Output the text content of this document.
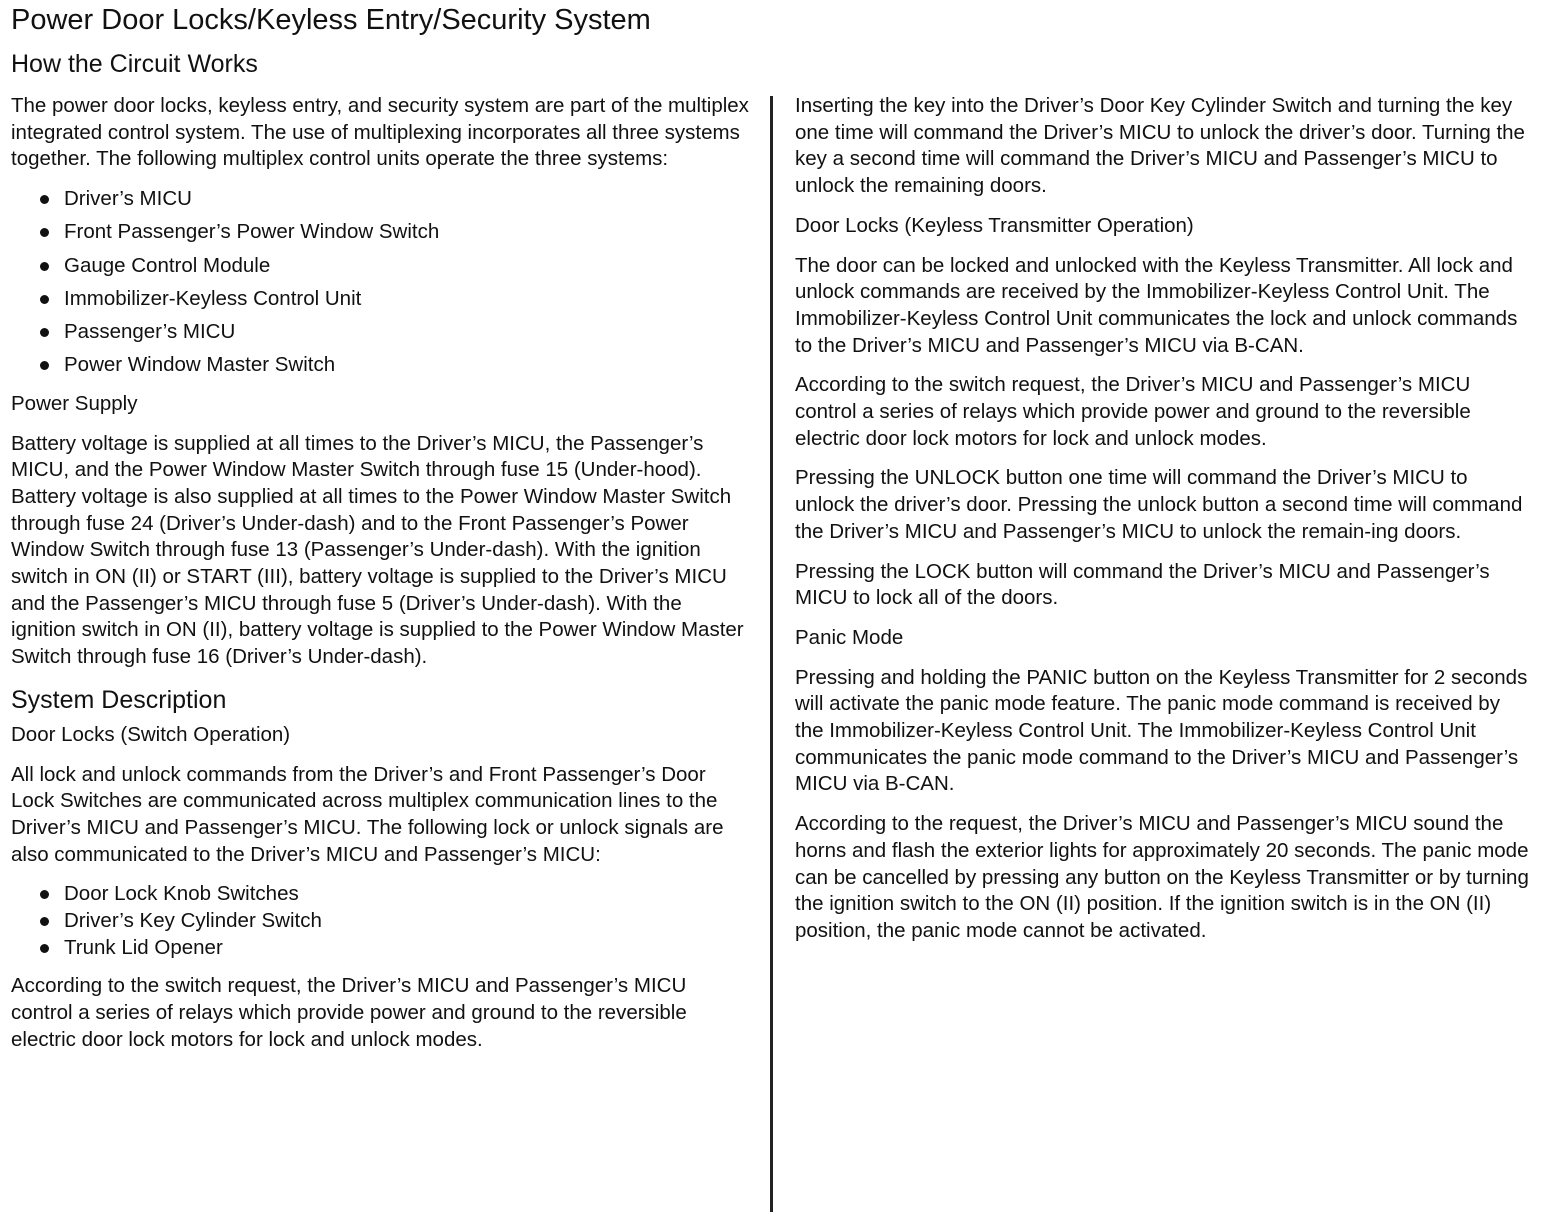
Power Door Locks/Keyless Entry/Security System
How the Circuit Works

The power door locks, keyless entry, and security system are part of the multiplex integrated control system. The use of multiplexing incorporates all three systems together. The following multiplex control units operate the three systems:

Driver’s MICU
Front Passenger’s Power Window Switch
Gauge Control Module
Immobilizer-Keyless Control Unit
Passenger’s MICU
Power Window Master Switch
Power Supply

Battery voltage is supplied at all times to the Driver’s MICU, the Passenger’s MICU, and the Power Window Master Switch through fuse 15 (Under-hood). Battery voltage is also supplied at all times to the Power Window Master Switch through fuse 24 (Driver’s Under-dash) and to the Front Passenger’s Power Window Switch through fuse 13 (Passenger’s Under-dash). With the ignition switch in ON (II) or START (III), battery voltage is supplied to the Driver’s MICU and the Passenger’s MICU through fuse 5 (Driver’s Under-dash). With the ignition switch in ON (II), battery voltage is supplied to the Power Window Master Switch through fuse 16 (Driver’s Under-dash).

System Description
Door Locks (Switch Operation)

All lock and unlock commands from the Driver’s and Front Passenger’s Door Lock Switches are communicated across multiplex communication lines to the Driver’s MICU and Passenger’s MICU. The following lock or unlock signals are also communicated to the Driver’s MICU and Passenger’s MICU:

Door Lock Knob Switches
Driver’s Key Cylinder Switch
Trunk Lid Opener

According to the switch request, the Driver’s MICU and Passenger’s MICU control a series of relays which provide power and ground to the reversible electric door lock motors for lock and unlock modes.

Inserting the key into the Driver’s Door Key Cylinder Switch and turning the key one time will command the Driver’s MICU to unlock the driver’s door. Turning the key a second time will command the Driver’s MICU and Passenger’s MICU to unlock the remaining doors.

Door Locks (Keyless Transmitter Operation)

The door can be locked and unlocked with the Keyless Transmitter. All lock and unlock commands are received by the Immobilizer-Keyless Control Unit. The Immobilizer-Keyless Control Unit communicates the lock and unlock commands to the Driver’s MICU and Passenger’s MICU via B-CAN.

According to the switch request, the Driver’s MICU and Passenger’s MICU control a series of relays which provide power and ground to the reversible electric door lock motors for lock and unlock modes.

Pressing the UNLOCK button one time will command the Driver’s MICU to unlock the driver’s door. Pressing the unlock button a second time will command the Driver’s MICU and Passenger’s MICU to unlock the remain-ing doors.

Pressing the LOCK button will command the Driver’s MICU and Passenger’s MICU to lock all of the doors.

Panic Mode

Pressing and holding the PANIC button on the Keyless Transmitter for 2 seconds will activate the panic mode feature. The panic mode command is received by the Immobilizer-Keyless Control Unit. The Immobilizer-Keyless Control Unit communicates the panic mode command to the Driver’s MICU and Passenger’s MICU via B-CAN.

According to the request, the Driver’s MICU and Passenger’s MICU sound the horns and flash the exterior lights for approximately 20 seconds. The panic mode can be cancelled by pressing any button on the Keyless Transmitter or by turning the ignition switch to the ON (II) position. If the ignition switch is in the ON (II) position, the panic mode cannot be activated.
